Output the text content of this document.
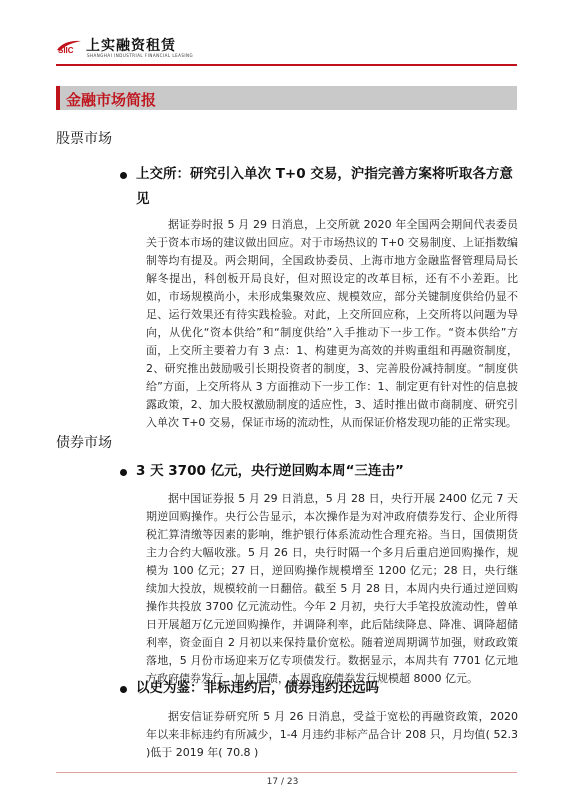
SIIC 上实融资租赁
SHANGHAI INDUSTRIAL FINANCIAL LEASING
金融市场简报
股票市场
上交所：研究引入单次 T+0 交易，沪指完善方案将听取各方意见
据证券时报 5 月 29 日消息，上交所就 2020 年全国两会期间代表委员关于资本市场的建议做出回应。对于市场热议的 T+0 交易制度、上证指数编制等均有提及。两会期间，全国政协委员、上海市地方金融监督管理局局长解冬提出，科创板开局良好，但对照设定的改革目标，还有不小差距。比如，市场规模尚小，未形成集聚效应、规模效应，部分关键制度供给仍显不足、运行效果还有待实践检验。对此，上交所回应称，上交所将以问题为导向，从优化“资本供给”和“制度供给”入手推动下一步工作。“资本供给”方面，上交所主要着力有 3 点：1、构建更为高效的并购重组和再融资制度，2、研究推出鼓励吸引长期投资者的制度，3、完善股份减持制度。“制度供给”方面，上交所将从 3 方面推动下一步工作：1、制定更有针对性的信息披露政策，2、加大股权激励制度的适应性，3、适时推出做市商制度、研究引入单次 T+0 交易，保证市场的流动性，从而保证价格发现功能的正常实现。
债券市场
3 天 3700 亿元，央行逆回购本周“三连击”
据中国证券报 5 月 29 日消息，5 月 28 日，央行开展 2400 亿元 7 天期逆回购操作。央行公告显示，本次操作是为对冲政府债券发行、企业所得税汇算清缴等因素的影响，维护银行体系流动性合理充裕。当日，国债期货主力合约大幅收涨。5 月 26 日，央行时隔一个多月后重启逆回购操作，规模为 100 亿元；27 日，逆回购操作规模增至 1200 亿元；28 日，央行继续加大投放，规模较前一日翻倍。截至 5 月 28 日，本周内央行通过逆回购操作共投放 3700 亿元流动性。今年 2 月初，央行大手笔投放流动性，曾单日开展超万亿元逆回购操作，并调降利率，此后陆续降息、降准、调降超储利率，资金面自 2 月初以来保持量价宽松。随着逆周期调节加强，财政政策落地，5 月份市场迎来万亿专项债发行。数据显示，本周共有 7701 亿元地方政府债券发行，加上国债，本周政府债券发行规模超 8000 亿元。
以史为鉴：非标违约后，债券违约还远吗
据安信证券研究所 5 月 26 日消息，受益于宽松的再融资政策，2020 年以来非标违约有所减少，1-4 月违约非标产品合计 208 只，月均值( 52.3 )低于 2019 年( 70.8 )
17 / 23
